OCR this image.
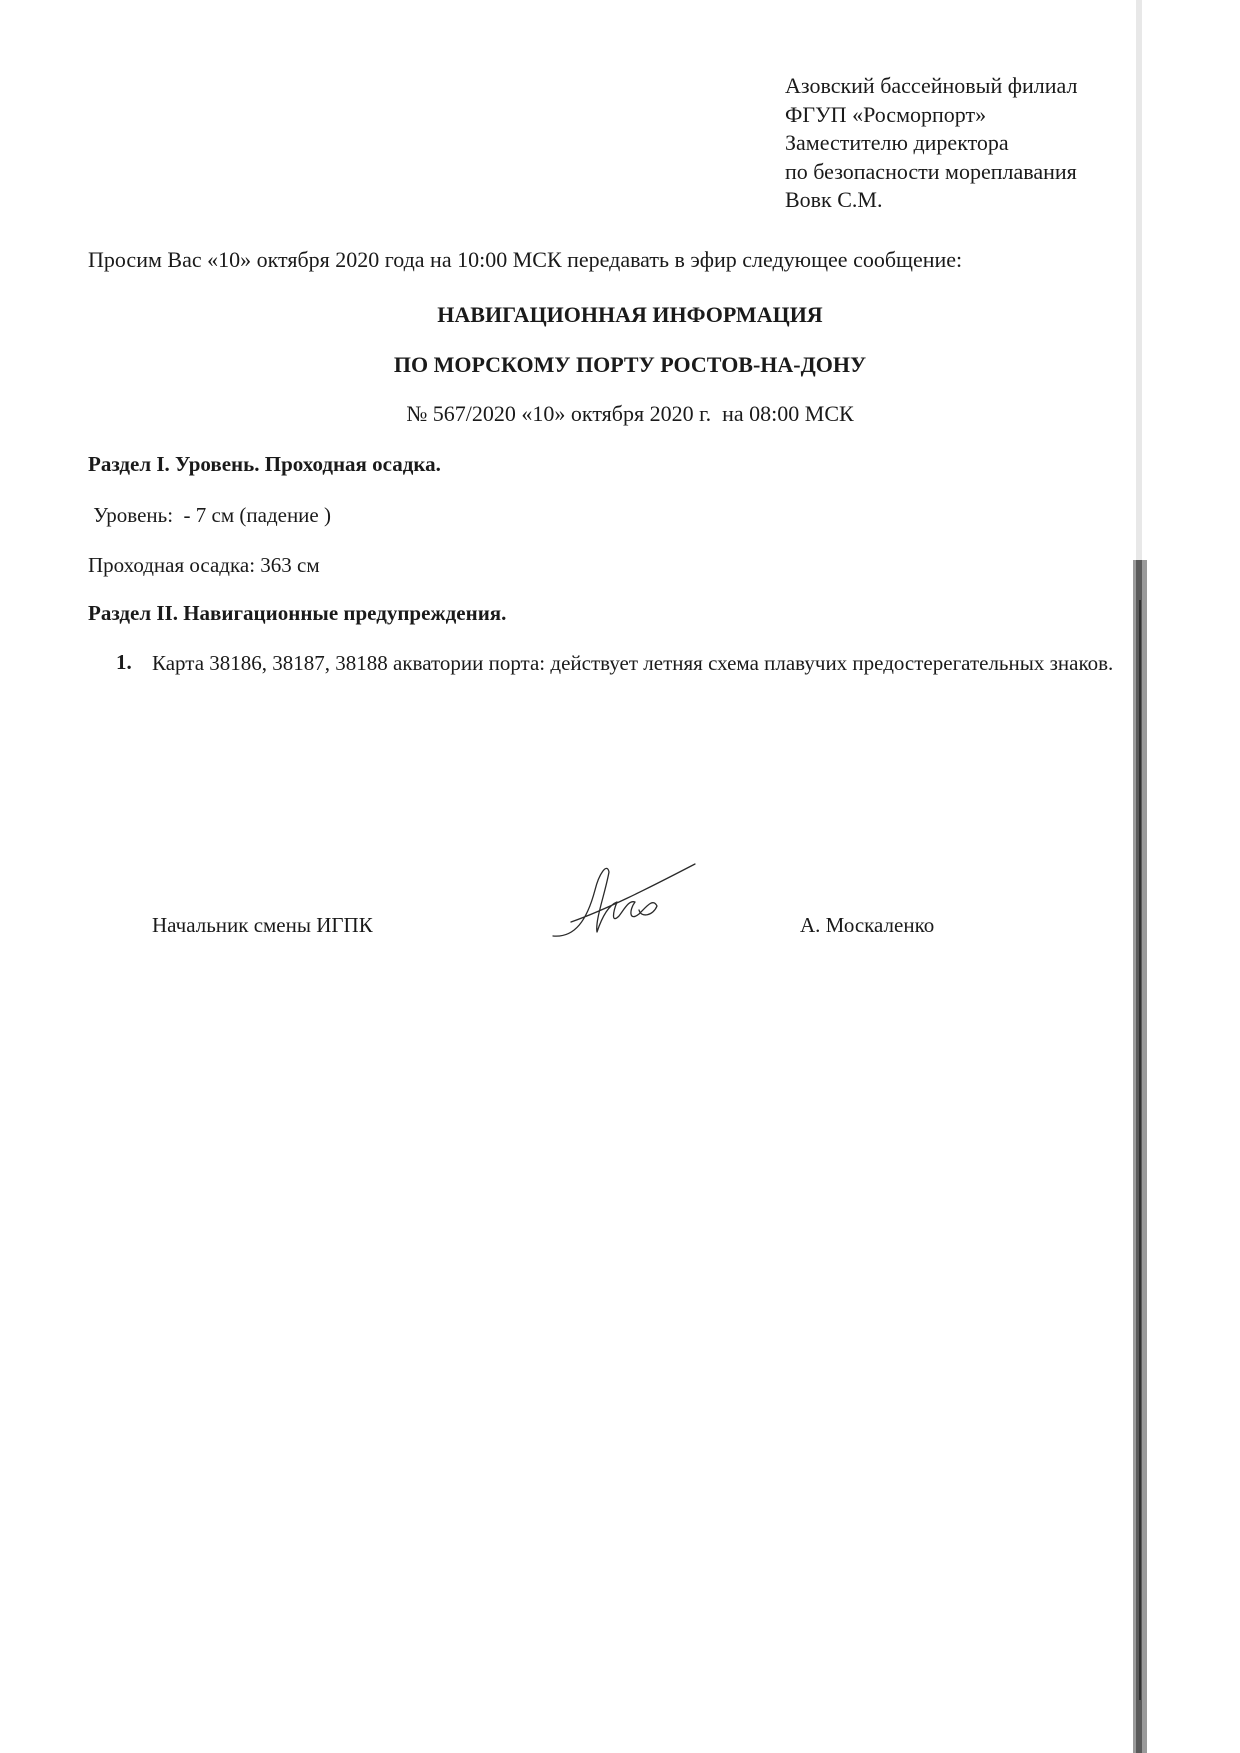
Азовский бассейновый филиал
ФГУП «Росморпорт»
Заместителю директора
по безопасности мореплавания
Вовк С.М.
Просим Вас «10» октября 2020 года на 10:00 МСК передавать в эфир следующее сообщение:
НАВИГАЦИОННАЯ ИНФОРМАЦИЯ
ПО МОРСКОМУ ПОРТУ РОСТОВ-НА-ДОНУ
№ 567/2020 «10» октября 2020 г.  на 08:00 МСК
Раздел I. Уровень. Проходная осадка.
Уровень:  - 7 см (падение )
Проходная осадка: 363 см
Раздел II. Навигационные предупреждения.
1. Карта 38186, 38187, 38188 акватории порта: действует летняя схема плавучих предостерегательных знаков.
Начальник смены ИГПК	А. Москаленко
